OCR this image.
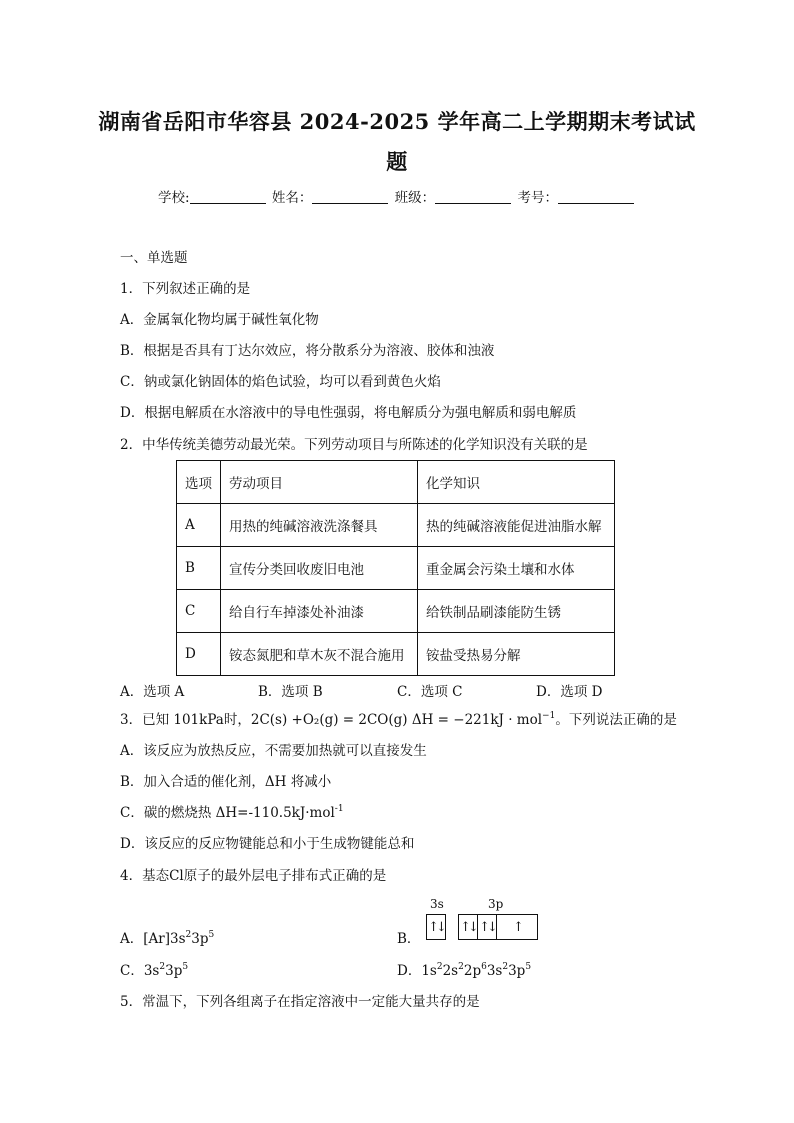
湖南省岳阳市华容县 2024-2025 学年高二上学期期末考试试
题
学校:	姓名：	班级：	考号：
一、单选题
1．下列叙述正确的是
A．金属氧化物均属于碱性氧化物
B．根据是否具有丁达尔效应，将分散系分为溶液、胶体和浊液
C．钠或氯化钠固体的焰色试验，均可以看到黄色火焰
D．根据电解质在水溶液中的导电性强弱，将电解质分为强电解质和弱电解质
2．中华传统美德劳动最光荣。下列劳动项目与所陈述的化学知识没有关联的是
选项	劳动项目	化学知识
A	用热的纯碱溶液洗涤餐具	热的纯碱溶液能促进油脂水解
B	宣传分类回收废旧电池	重金属会污染土壤和水体
C	给自行车掉漆处补油漆	给铁制品刷漆能防生锈
D	铵态氮肥和草木灰不混合施用	铵盐受热易分解
A．选项 A	B．选项 B	C．选项 C	D．选项 D
3．已知 101kPa时，2C(s) +O₂(g) = 2CO(g) ΔH = −221kJ · mol$^{-1}$。下列说法正确的是
A．该反应为放热反应，不需要加热就可以直接发生
B．加入合适的催化剂，ΔH 将减小
C．碳的燃烧热 ΔH=-110.5kJ·mol$^{-1}$
D．该反应的反应物键能总和小于生成物键能总和
4．基态Cl原子的最外层电子排布式正确的是
A．$[Ar]3s^23p^5$	B．
3s	3p
↑↓ ↑↓ ↑↓	↑
C．$3s^23p^5$	D．$1s^22s^22p^63s^23p^5$
5．常温下，下列各组离子在指定溶液中一定能大量共存的是
